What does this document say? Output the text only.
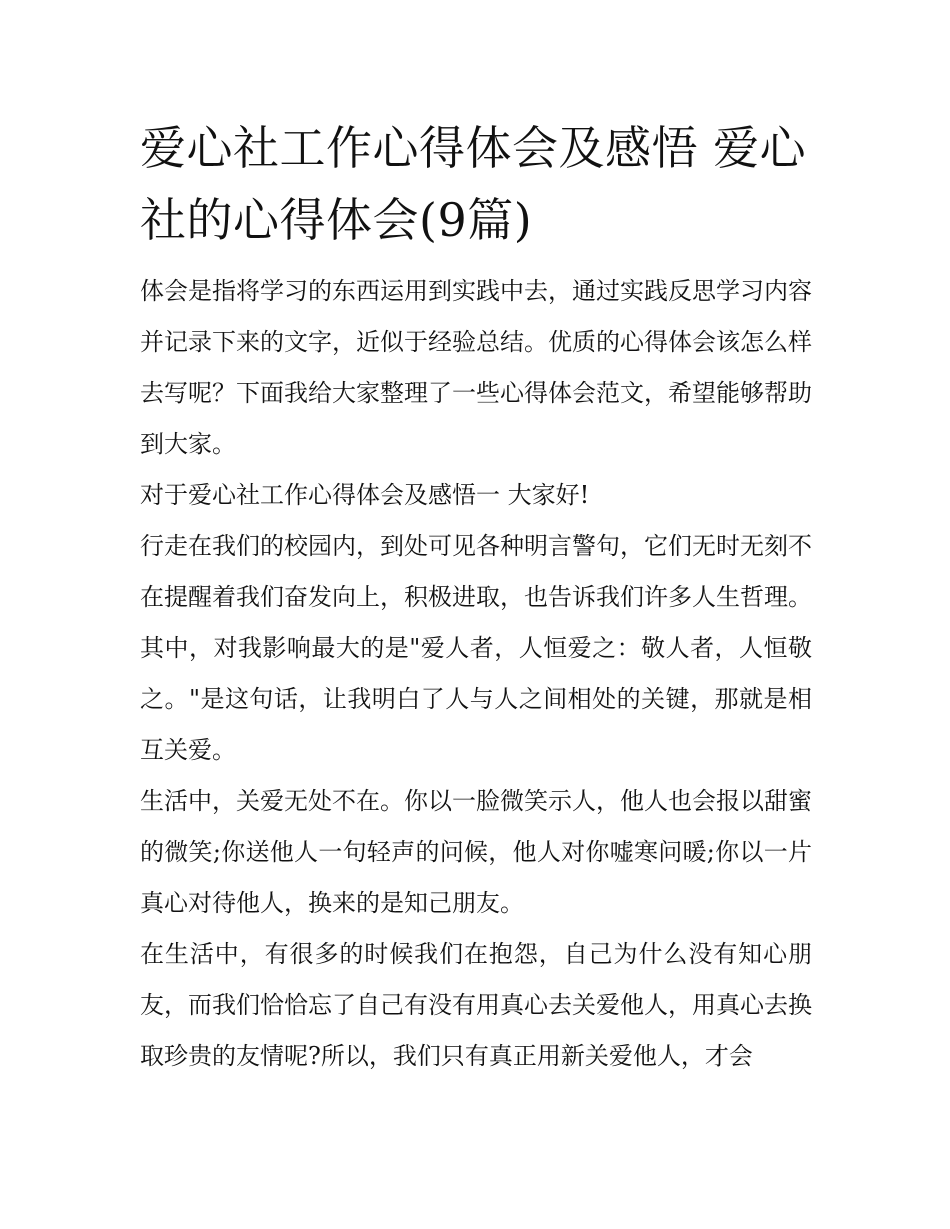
爱心社工作心得体会及感悟 爱心社的心得体会(9篇)

体会是指将学习的东西运用到实践中去，通过实践反思学习内容并记录下来的文字，近似于经验总结。优质的心得体会该怎么样去写呢？下面我给大家整理了一些心得体会范文，希望能够帮助到大家。

对于爱心社工作心得体会及感悟一 大家好!

行走在我们的校园内，到处可见各种明言警句，它们无时无刻不在提醒着我们奋发向上，积极进取，也告诉我们许多人生哲理。其中，对我影响最大的是"爱人者，人恒爱之：敬人者，人恒敬之。"是这句话，让我明白了人与人之间相处的关键，那就是相互关爱。

生活中，关爱无处不在。你以一脸微笑示人，他人也会报以甜蜜的微笑;你送他人一句轻声的问候，他人对你嘘寒问暖;你以一片真心对待他人，换来的是知己朋友。

在生活中，有很多的时候我们在抱怨，自己为什么没有知心朋友，而我们恰恰忘了自己有没有用真心去关爱他人，用真心去换取珍贵的友情呢?所以，我们只有真正用新关爱他人，才会
